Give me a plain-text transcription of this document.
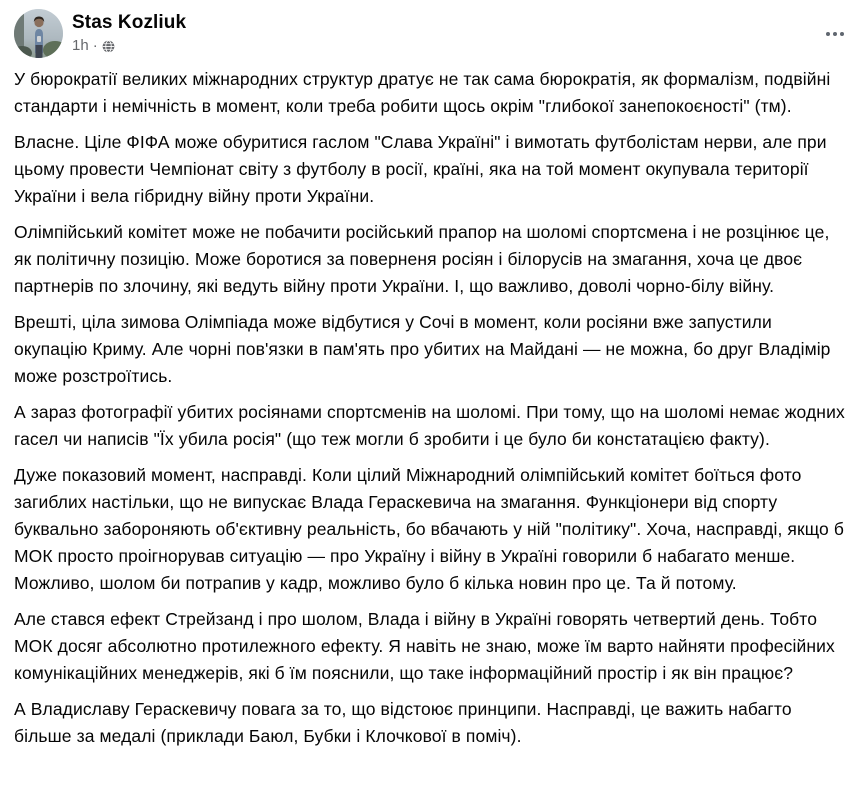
Stas Kozliuk
1h ·

У бюрократії великих міжнародних структур дратує не так сама бюрократія, як формалізм, подвійні стандарти і немічність в момент, коли треба робити щось окрім "глибокої занепокоєності" (тм).

Власне. Ціле ФІФА може обуритися гаслом "Слава Україні" і вимотать футболістам нерви, але при цьому провести Чемпіонат світу з футболу в росії, країні, яка на той момент окупувала території України і вела гібридну війну проти України.

Олімпійський комітет може не побачити російський прапор на шоломі спортсмена і не розцінює це, як політичну позицію. Може боротися за поверненя росіян і білорусів на змагання, хоча це двоє партнерів по злочину, які ведуть війну проти України. І, що важливо, доволі чорно-білу війну.

Врешті, ціла зимова Олімпіада може відбутися у Сочі в момент, коли росіяни вже запустили окупацію Криму. Але чорні пов'язки в пам'ять про убитих на Майдані — не можна, бо друг Владімір може розстроїтись.

А зараз фотографії убитих росіянами спортсменів на шоломі. При тому, що на шоломі немає жодних гасел чи написів "Їх убила росія" (що теж могли б зробити і це було би констатацією факту).

Дуже показовий момент, насправді. Коли цілий Міжнародний олімпійський комітет боїться фото загиблих настільки, що не випускає Влада Гераскевича на змагання. Функціонери від спорту буквально забороняють об'єктивну реальність, бо вбачають у ній "політику". Хоча, насправді, якщо б МОК просто проігнорував ситуацію — про Україну і війну в Україні говорили б набагато менше. Можливо, шолом би потрапив у кадр, можливо було б кілька новин про це. Та й потому.

Але стався ефект Стрейзанд і про шолом, Влада і війну в Україні говорять четвертий день. Тобто МОК досяг абсолютно протилежного ефекту. Я навіть не знаю, може їм варто найняти професійних комунікаційних менеджерів, які б їм пояснили, що таке інформаційний простір і як він працює?

А Владиславу Гераскевичу повага за то, що відстоює принципи. Насправді, це важить набагто більше за медалі (приклади Баюл, Бубки і Клочкової в поміч).
